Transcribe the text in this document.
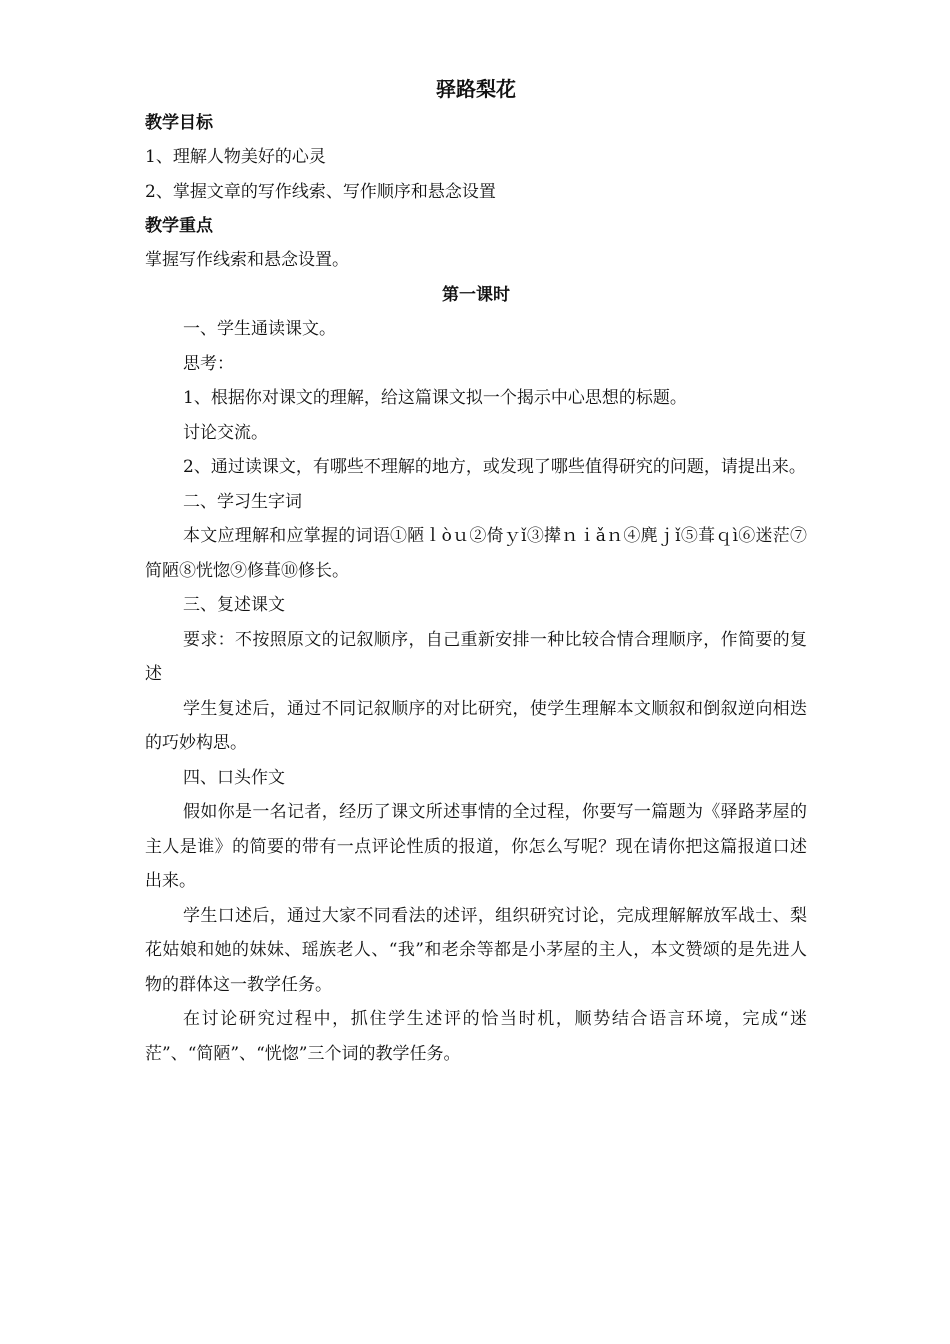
驿路梨花

教学目标

1、理解人物美好的心灵

2、掌握文章的写作线索、写作顺序和悬念设置

教学重点

掌握写作线索和悬念设置。

第一课时

一、学生通读课文。

思考：

1、根据你对课文的理解，给这篇课文拟一个揭示中心思想的标题。

讨论交流。

2、通过读课文，有哪些不理解的地方，或发现了哪些值得研究的问题，请提出来。

二、学习生字词

本文应理解和应掌握的词语①陋ｌòｕ②倚ｙǐ③撵ｎｉǎｎ④麂ｊǐ⑤葺ｑì⑥迷茫⑦简陋⑧恍惚⑨修葺⑩修长。

三、复述课文

要求：不按照原文的记叙顺序，自己重新安排一种比较合情合理顺序，作简要的复述

学生复述后，通过不同记叙顺序的对比研究，使学生理解本文顺叙和倒叙逆向相迭的巧妙构思。

四、口头作文

假如你是一名记者，经历了课文所述事情的全过程，你要写一篇题为《驿路茅屋的主人是谁》的简要的带有一点评论性质的报道，你怎么写呢？现在请你把这篇报道口述出来。

学生口述后，通过大家不同看法的述评，组织研究讨论，完成理解解放军战士、梨花姑娘和她的妹妹、瑶族老人、“我”和老余等都是小茅屋的主人，本文赞颂的是先进人物的群体这一教学任务。

在讨论研究过程中，抓住学生述评的恰当时机，顺势结合语言环境，完成“迷茫”、“简陋”、“恍惚”三个词的教学任务。
